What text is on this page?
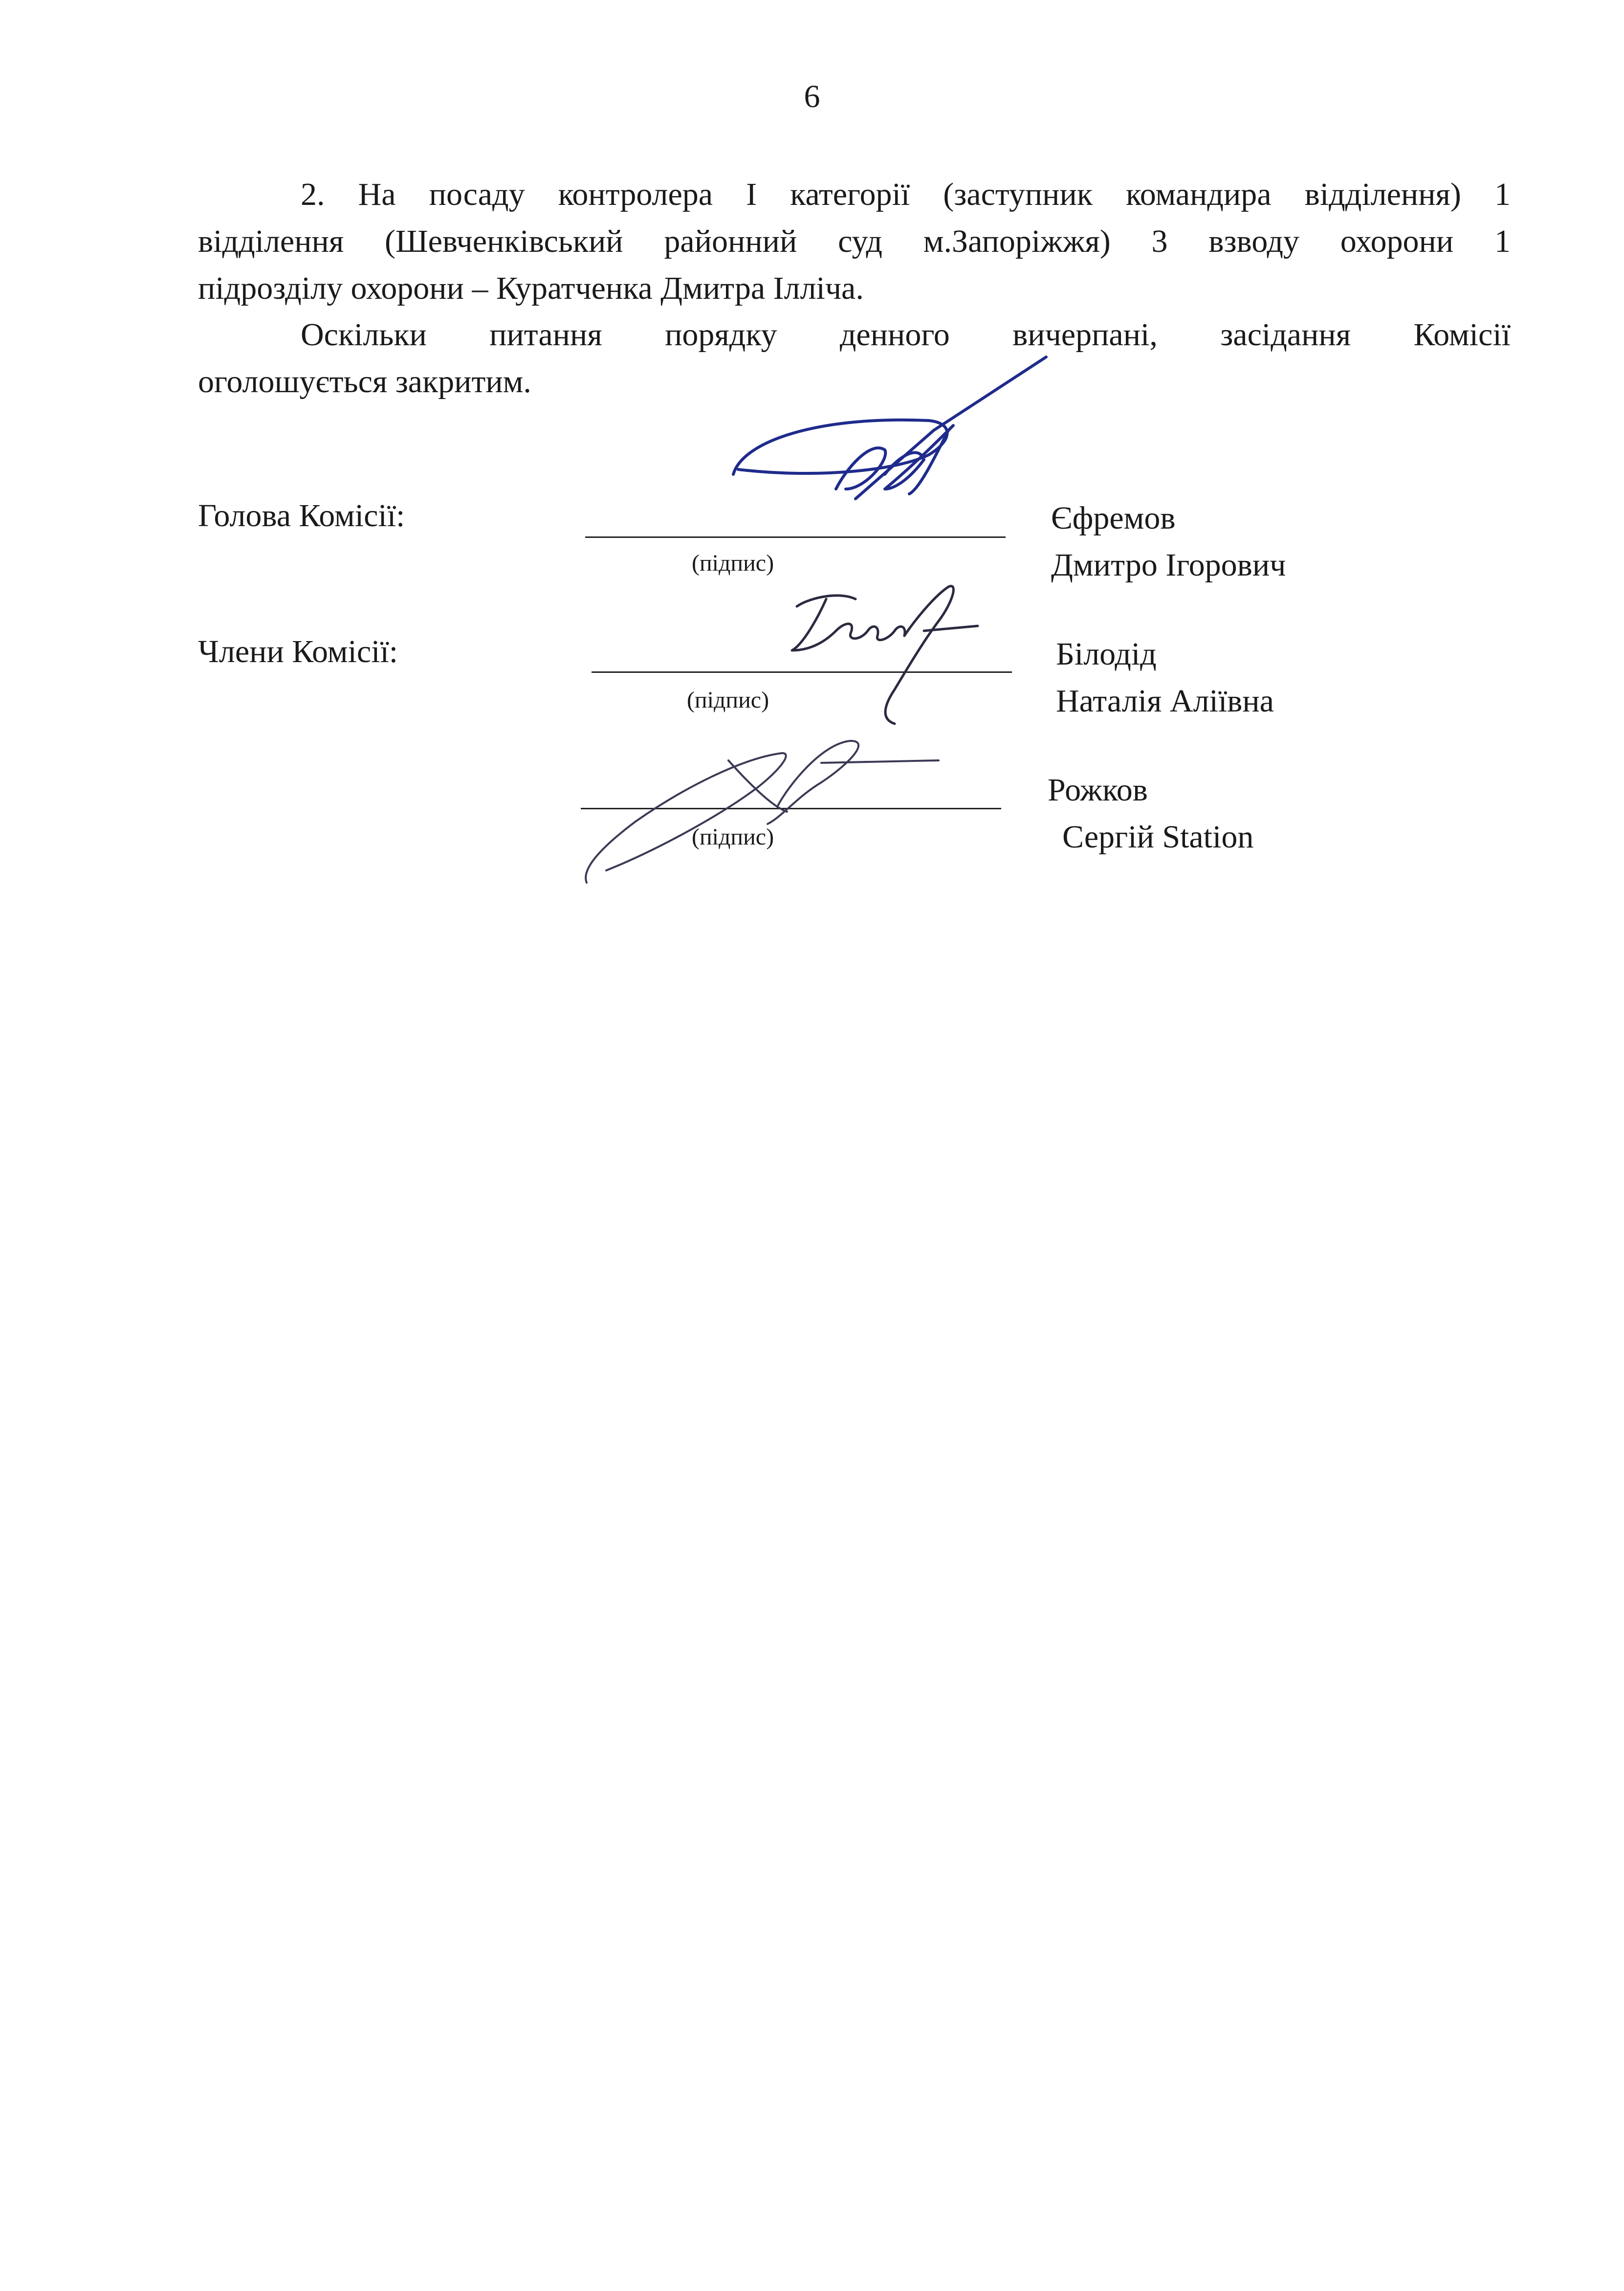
6
2. На посаду контролера I категорії (заступник командира відділення) 1
відділення (Шевченківський районний суд м.Запоріжжя) 3 взводу охорони 1
підрозділу охорони – Куратченка Дмитра Ілліча.
Оскільки питання порядку денного вичерпані, засідання Комісії
оголошується закритим.
Голова Комісії:
(підпис)
Єфремов
Дмитро Ігорович
Члени Комісії:
(підпис)
Білодід
Наталія Аліївна
(підпис)
Рожков
Сергій Station
